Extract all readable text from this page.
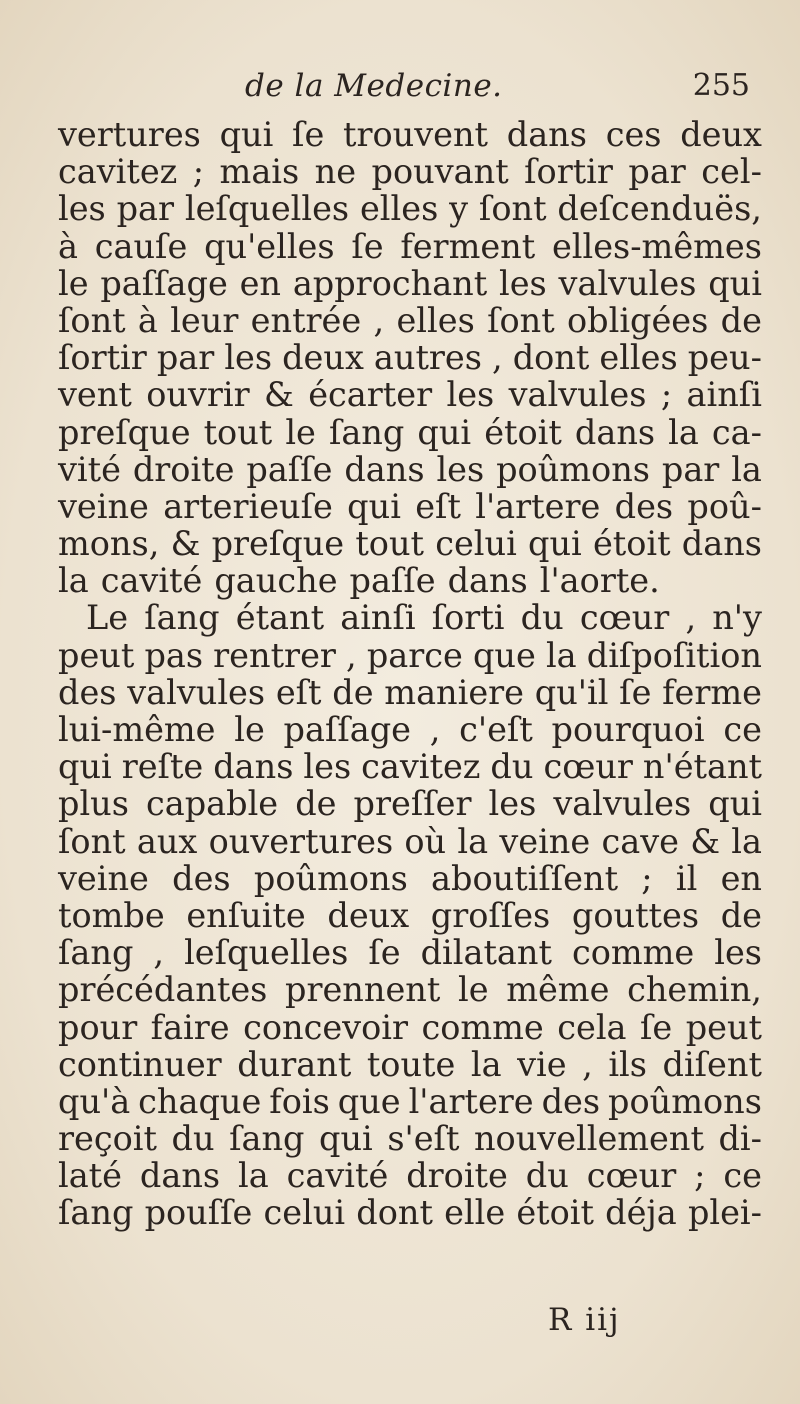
de la Medecine.	255
vertures qui ſe trouvent dans ces deux
cavitez ; mais ne pouvant ſortir par cel-
les par leſquelles elles y ſont deſcenduës,
à cauſe qu'elles ſe ferment elles-mêmes
le paſſage en approchant les valvules qui
ſont à leur entrée , elles ſont obligées de
ſortir par les deux autres , dont elles peu-
vent ouvrir & écarter les valvules ; ainſi
preſque tout le ſang qui étoit dans la ca-
vité droite paſſe dans les poûmons par la
veine arterieuſe qui eſt l'artere des poû-
mons, & preſque tout celui qui étoit dans
la cavité gauche paſſe dans l'aorte.
Le ſang étant ainſi ſorti du cœur , n'y
peut pas rentrer , parce que la diſpoſition
des valvules eſt de maniere qu'il ſe ferme
lui-même le paſſage , c'eſt pourquoi ce
qui reſte dans les cavitez du cœur n'étant
plus capable de preſſer les valvules qui
ſont aux ouvertures où la veine cave & la
veine des poûmons aboutiſſent ; il en
tombe enſuite deux groſſes gouttes de
ſang , leſquelles ſe dilatant comme les
précédantes prennent le même chemin,
pour faire concevoir comme cela ſe peut
continuer durant toute la vie , ils diſent
qu'à chaque fois que l'artere des poûmons
reçoit du ſang qui s'eſt nouvellement di-
laté dans la cavité droite du cœur ; ce
ſang pouſſe celui dont elle étoit déja plei-
R iij
